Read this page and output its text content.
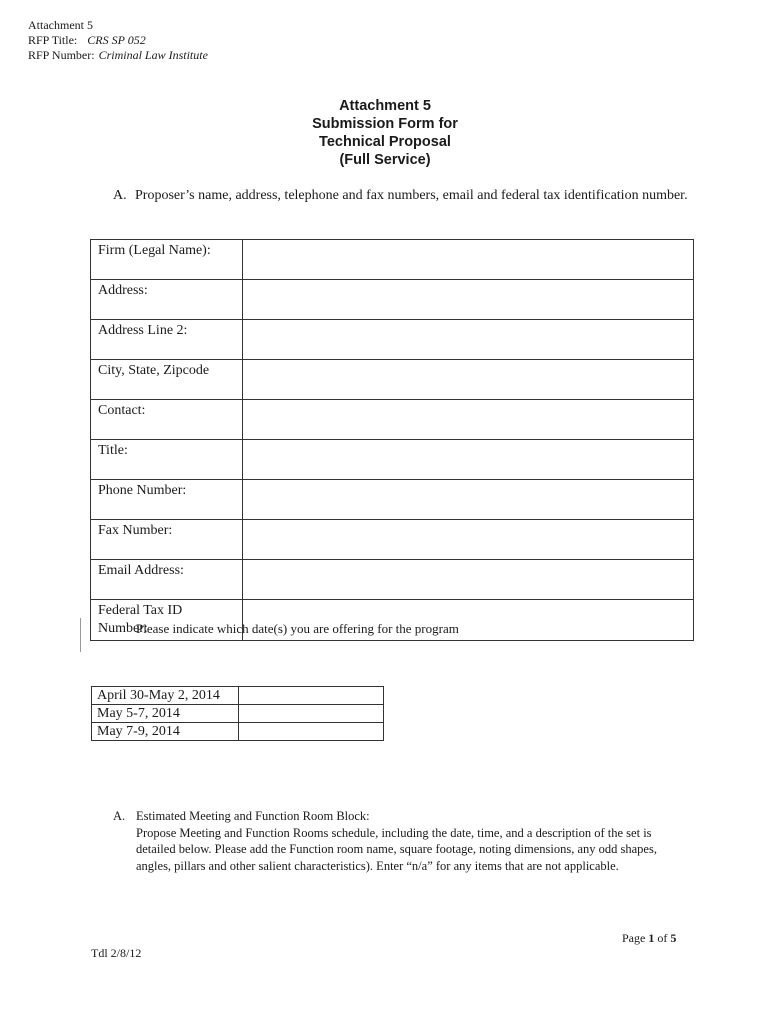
Attachment 5
RFP Title: CRS SP 052
RFP Number: Criminal Law Institute
Attachment 5
Submission Form for
Technical Proposal
(Full Service)
A. Proposer’s name, address, telephone and fax numbers, email and federal tax identification number.
Firm (Legal Name):	
Address:	
Address Line 2:	
City, State, Zipcode	
Contact:	
Title:	
Phone Number:	
Fax Number:	
Email Address:	
Federal Tax ID Number:	
Please indicate which date(s) you are offering for the program
April 30-May 2, 2014	
May 5-7, 2014	
May 7-9, 2014	
A. Estimated Meeting and Function Room Block:
Propose Meeting and Function Rooms schedule, including the date, time, and a description of the set is detailed below. Please add the Function room name, square footage, noting dimensions, any odd shapes, angles, pillars and other salient characteristics). Enter “n/a” for any items that are not applicable.
Page 1 of 5
Tdl 2/8/12
